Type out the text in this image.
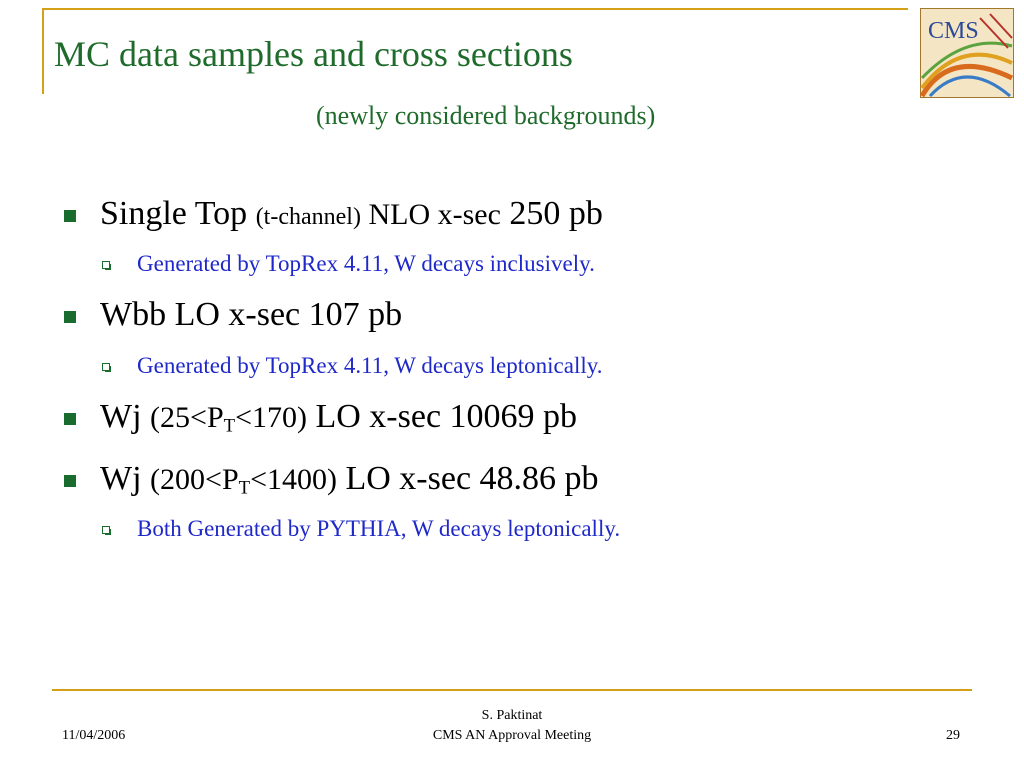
MC data samples and cross sections
(newly considered backgrounds)
CMS
Single Top (t-channel) NLO x-sec 250 pb
Generated by TopRex 4.11, W decays inclusively.
Wbb LO x-sec 107 pb
Generated by TopRex 4.11, W decays leptonically.
Wj $(25<P_T<170)$ LO x-sec 10069 pb
Wj $(200<P_T<1400)$ LO x-sec 48.86 pb
Both Generated by PYTHIA, W decays leptonically.
11/04/2006
S. Paktinat
CMS AN Approval Meeting	29
